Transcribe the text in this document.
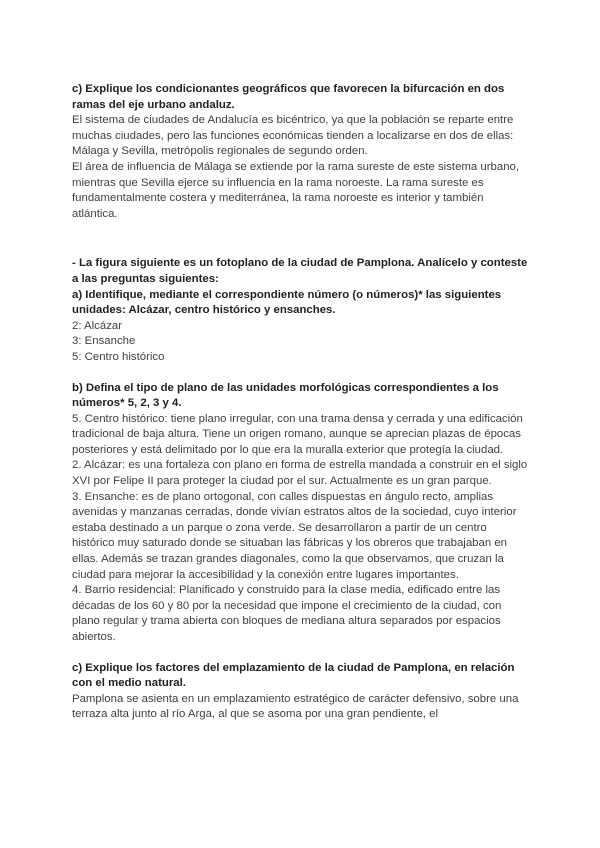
c) Explique los condicionantes geográficos que favorecen la bifurcación en dos ramas del eje urbano andaluz.

El sistema de ciudades de Andalucía es bicéntrico, ya que la población se reparte entre muchas ciudades, pero las funciones económicas tienden a localizarse en dos de ellas: Málaga y Sevilla, metrópolis regionales de segundo orden.

El área de influencia de Málaga se extiende por la rama sureste de este sistema urbano, mientras que Sevilla ejerce su influencia en la rama noroeste. La rama sureste es fundamentalmente costera y mediterránea, la rama noroeste es interior y también atlántica.

- La figura siguiente es un fotoplano de la ciudad de Pamplona. Analícelo y conteste a las preguntas siguientes:

a) Identifique, mediante el correspondiente número (o números)* las siguientes unidades: Alcázar, centro histórico y ensanches.

2: Alcázar

3: Ensanche

5: Centro histórico

b) Defina el tipo de plano de las unidades morfológicas correspondientes a los números* 5, 2, 3 y 4.

5. Centro histórico: tiene plano irregular, con una trama densa y cerrada y una edificación tradicional de baja altura. Tiene un origen romano, aunque se aprecian plazas de épocas posteriores y está delimitado por lo que era la muralla exterior que protegía la ciudad.

2. Alcázar: es una fortaleza con plano en forma de estrella mandada a construir en el siglo XVI por Felipe II para proteger la ciudad por el sur. Actualmente es un gran parque.

3. Ensanche: es de plano ortogonal, con calles dispuestas en ángulo recto, amplias avenidas y manzanas cerradas, donde vivían estratos altos de la sociedad, cuyo interior estaba destinado a un parque o zona verde. Se desarrollaron a partir de un centro histórico muy saturado donde se situaban las fábricas y los obreros que trabajaban en ellas. Además se trazan grandes diagonales, como la que observamos, que cruzan la ciudad para mejorar la accesibilidad y la conexión entre lugares importantes.

4. Barrio residencial: Planificado y construido para la clase media, edificado entre las décadas de los 60 y 80 por la necesidad que impone el crecimiento de la ciudad, con plano regular y trama abierta con bloques de mediana altura separados por espacios abiertos.

c) Explique los factores del emplazamiento de la ciudad de Pamplona, en relación con el medio natural.

Pamplona se asienta en un emplazamiento estratégico de carácter defensivo, sobre una terraza alta junto al río Arga, al que se asoma por una gran pendiente, el
